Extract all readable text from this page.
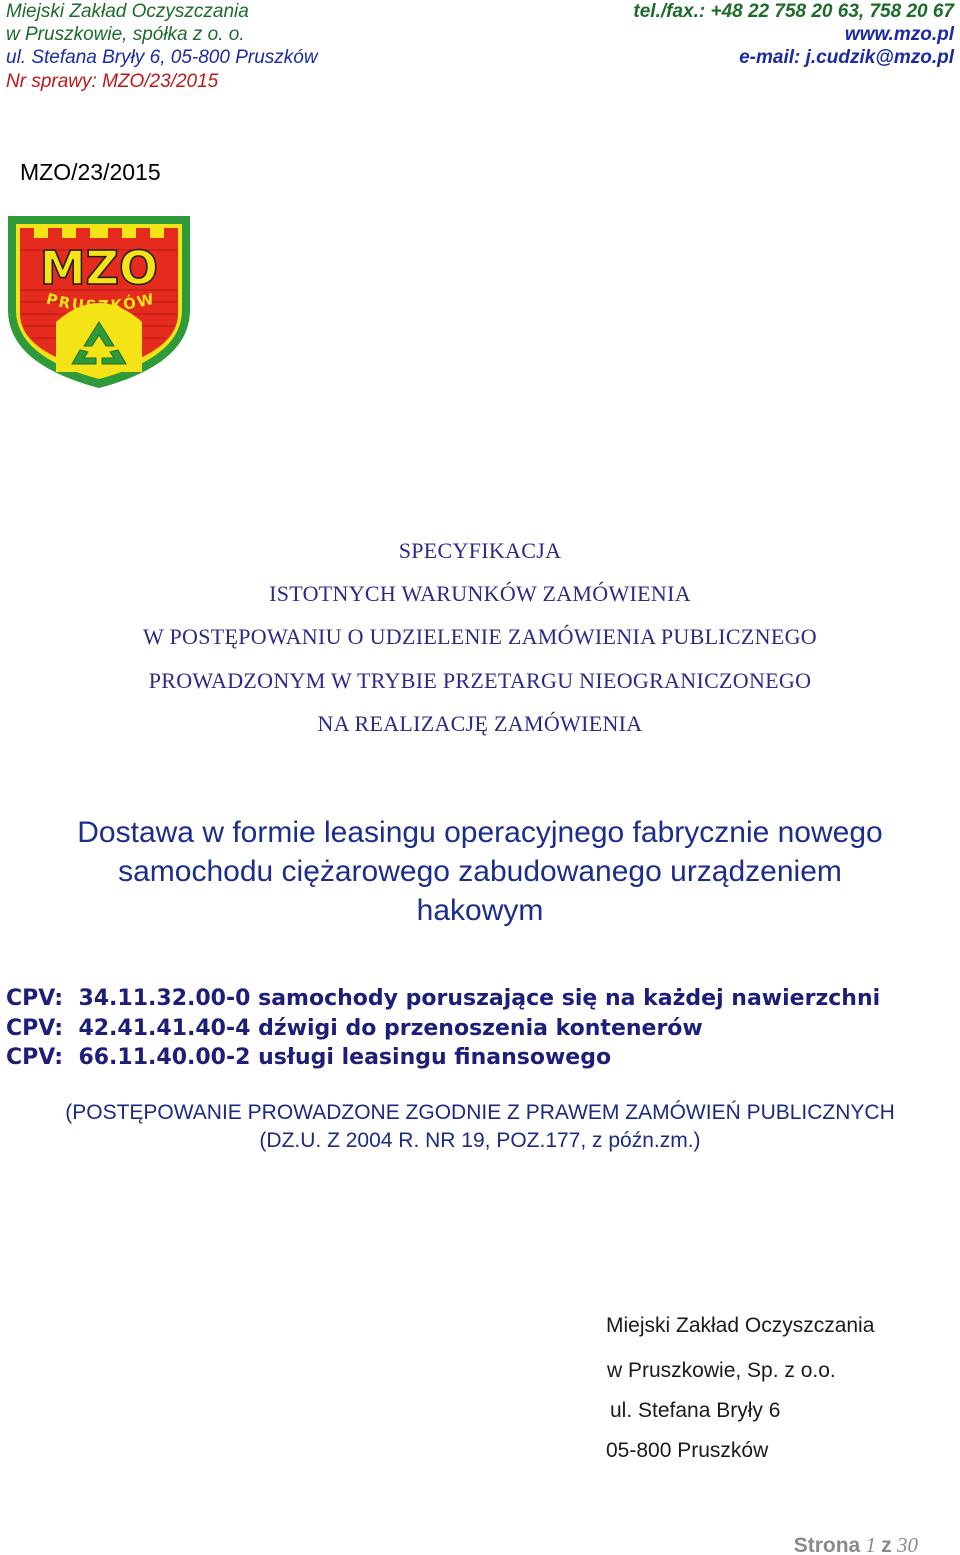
Miejski Zakład Oczyszczania
w Pruszkowie, spółka z o. o.
ul. Stefana Bryły 6, 05-800 Pruszków
Nr sprawy: MZO/23/2015
tel./fax.: +48 22 758 20 63, 758 20 67
www.mzo.pl
e-mail: j.cudzik@mzo.pl
MZO/23/2015
MZO
PRUSZKÓW
SPECYFIKACJA
ISTOTNYCH WARUNKÓW ZAMÓWIENIA
W POSTĘPOWANIU O UDZIELENIE ZAMÓWIENIA PUBLICZNEGO
PROWADZONYM W TRYBIE PRZETARGU NIEOGRANICZONEGO
NA REALIZACJĘ ZAMÓWIENIA
Dostawa w formie leasingu operacyjnego fabrycznie nowego
samochodu ciężarowego zabudowanego urządzeniem
hakowym
CPV: 34.11.32.00-0 samochody poruszające się na każdej nawierzchni
CPV: 42.41.41.40-4 dźwigi do przenoszenia kontenerów
CPV: 66.11.40.00-2 usługi leasingu finansowego
(POSTĘPOWANIE PROWADZONE ZGODNIE Z PRAWEM ZAMÓWIEŃ PUBLICZNYCH
(DZ.U. Z 2004 R. NR 19, POZ.177, z późn.zm.)
Miejski Zakład Oczyszczania
w Pruszkowie, Sp. z o.o.
ul. Stefana Bryły 6
05-800 Pruszków
Strona 1 z 30
